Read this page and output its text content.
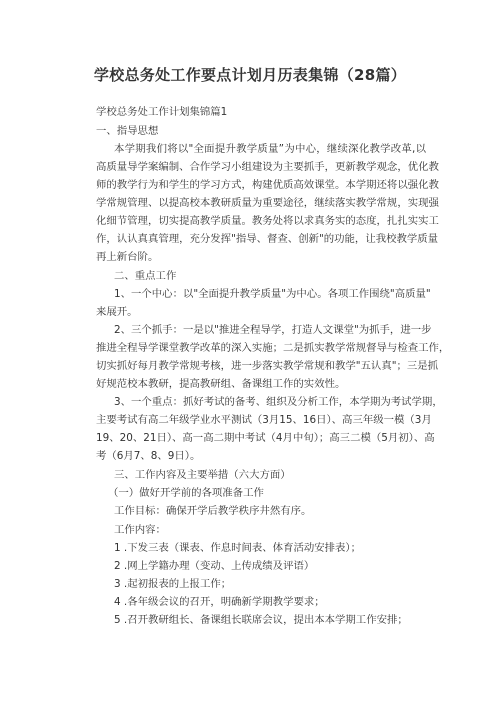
学校总务处工作要点计划月历表集锦（28篇）
学校总务处工作计划集锦篇1
一、指导思想
本学期我们将以"全面提升教学质量”为中心，继续深化教学改革,以
高质量导学案编制、合作学习小组建设为主要抓手，更新教学观念，优化教
师的教学行为和学生的学习方式，构建优质高效课堂。本学期还将以强化教
学常规管理、以提高校本教研质量为重要途径，继续落实教学常规，实现强
化细节管理，切实提高教学质量。教务处将以求真务实的态度，扎扎实实工
作，认认真真管理，充分发挥"指导、督查、创新"的功能，让我校教学质量
再上新台阶。
二、重点工作
1、一个中心：以"全面提升教学质量"为中心。各项工作围绕"高质量"
来展开。
2、三个抓手：一是以"推进全程导学，打造人文课堂"为抓手，进一步
推进全程导学课堂教学改革的深入实施；二是抓实教学常规督导与检查工作，
切实抓好每月教学常规考核，进一步落实教学常规和教学"五认真"；三是抓
好规范校本教研，提高教研组、备课组工作的实效性。
3、一个重点：抓好考试的备考、组织及分析工作，本学期为考试学期，
主要考试有高二年级学业水平测试（3月15、16日）、高三年级一模（3月
19、20、21日）、高一高二期中考试（4月中旬）；高三二模（5月初）、高
考（6月7、8、9日）。
三、工作内容及主要举措（六大方面）
（一）做好开学前的各项准备工作
工作目标：确保开学后教学秩序井然有序。
工作内容：
1 .下发三表（课表、作息时间表、体育活动安排表）；
2 .网上学籍办理（变动、上传成绩及评语）
3 .起初报表的上报工作；
4 .各年级会议的召开，明确新学期教学要求；
5 .召开教研组长、备课组长联席会议，提出本本学期工作安排；
